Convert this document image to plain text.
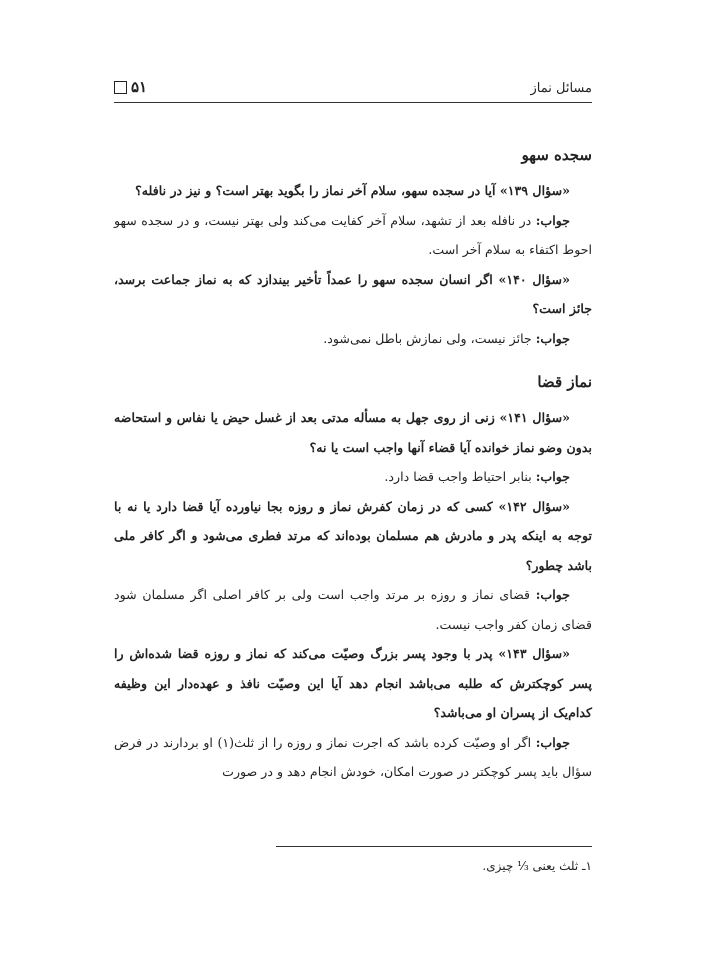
مسائل نماز
۵۱
سجده سهو

«سؤال ۱۳۹» آیا در سجده سهو، سلام آخر نماز را بگوید بهتر است؟ و نیز در نافله؟

جواب: در نافله بعد از تشهد، سلام آخر کفایت می‌کند ولی بهتر نیست، و در سجده سهو احوط اکتفاء به سلام آخر است.

«سؤال ۱۴۰» اگر انسان سجده سهو را عمداً تأخیر بیندازد که به نماز جماعت برسد، جائز است؟

جواب: جائز نیست، ولی نمازش باطل نمی‌شود.

نماز قضا

«سؤال ۱۴۱» زنی از روی جهل به مسأله مدتی بعد از غسل حیض یا نفاس و استحاضه بدون وضو نماز خوانده آیا قضاء آنها واجب است یا نه؟

جواب: بنابر احتیاط واجب قضا دارد.

«سؤال ۱۴۲» کسی که در زمان کفرش نماز و روزه بجا نیاورده آیا قضا دارد یا نه با توجه به اینکه پدر و مادرش هم مسلمان بوده‌اند که مرتد فطری می‌شود و اگر کافر ملی باشد چطور؟

جواب: قضای نماز و روزه بر مرتد واجب است ولی بر کافر اصلی اگر مسلمان شود قضای زمان کفر واجب نیست.

«سؤال ۱۴۳» پدر با وجود پسر بزرگ وصیّت می‌کند که نماز و روزه قضا شده‌اش را پسر کوچکترش که طلبه می‌باشد انجام دهد آیا این وصیّت نافذ و عهده‌دار این وظیفه کدام‌یک از پسران او می‌باشد؟

جواب: اگر او وصیّت کرده باشد که اجرت نماز و روزه را از ثلث(۱) او بردارند در فرض سؤال باید پسر کوچکتر در صورت امکان، خودش انجام دهد و در صورت

۱ـ ثلث یعنی ⅓ چیزی.
